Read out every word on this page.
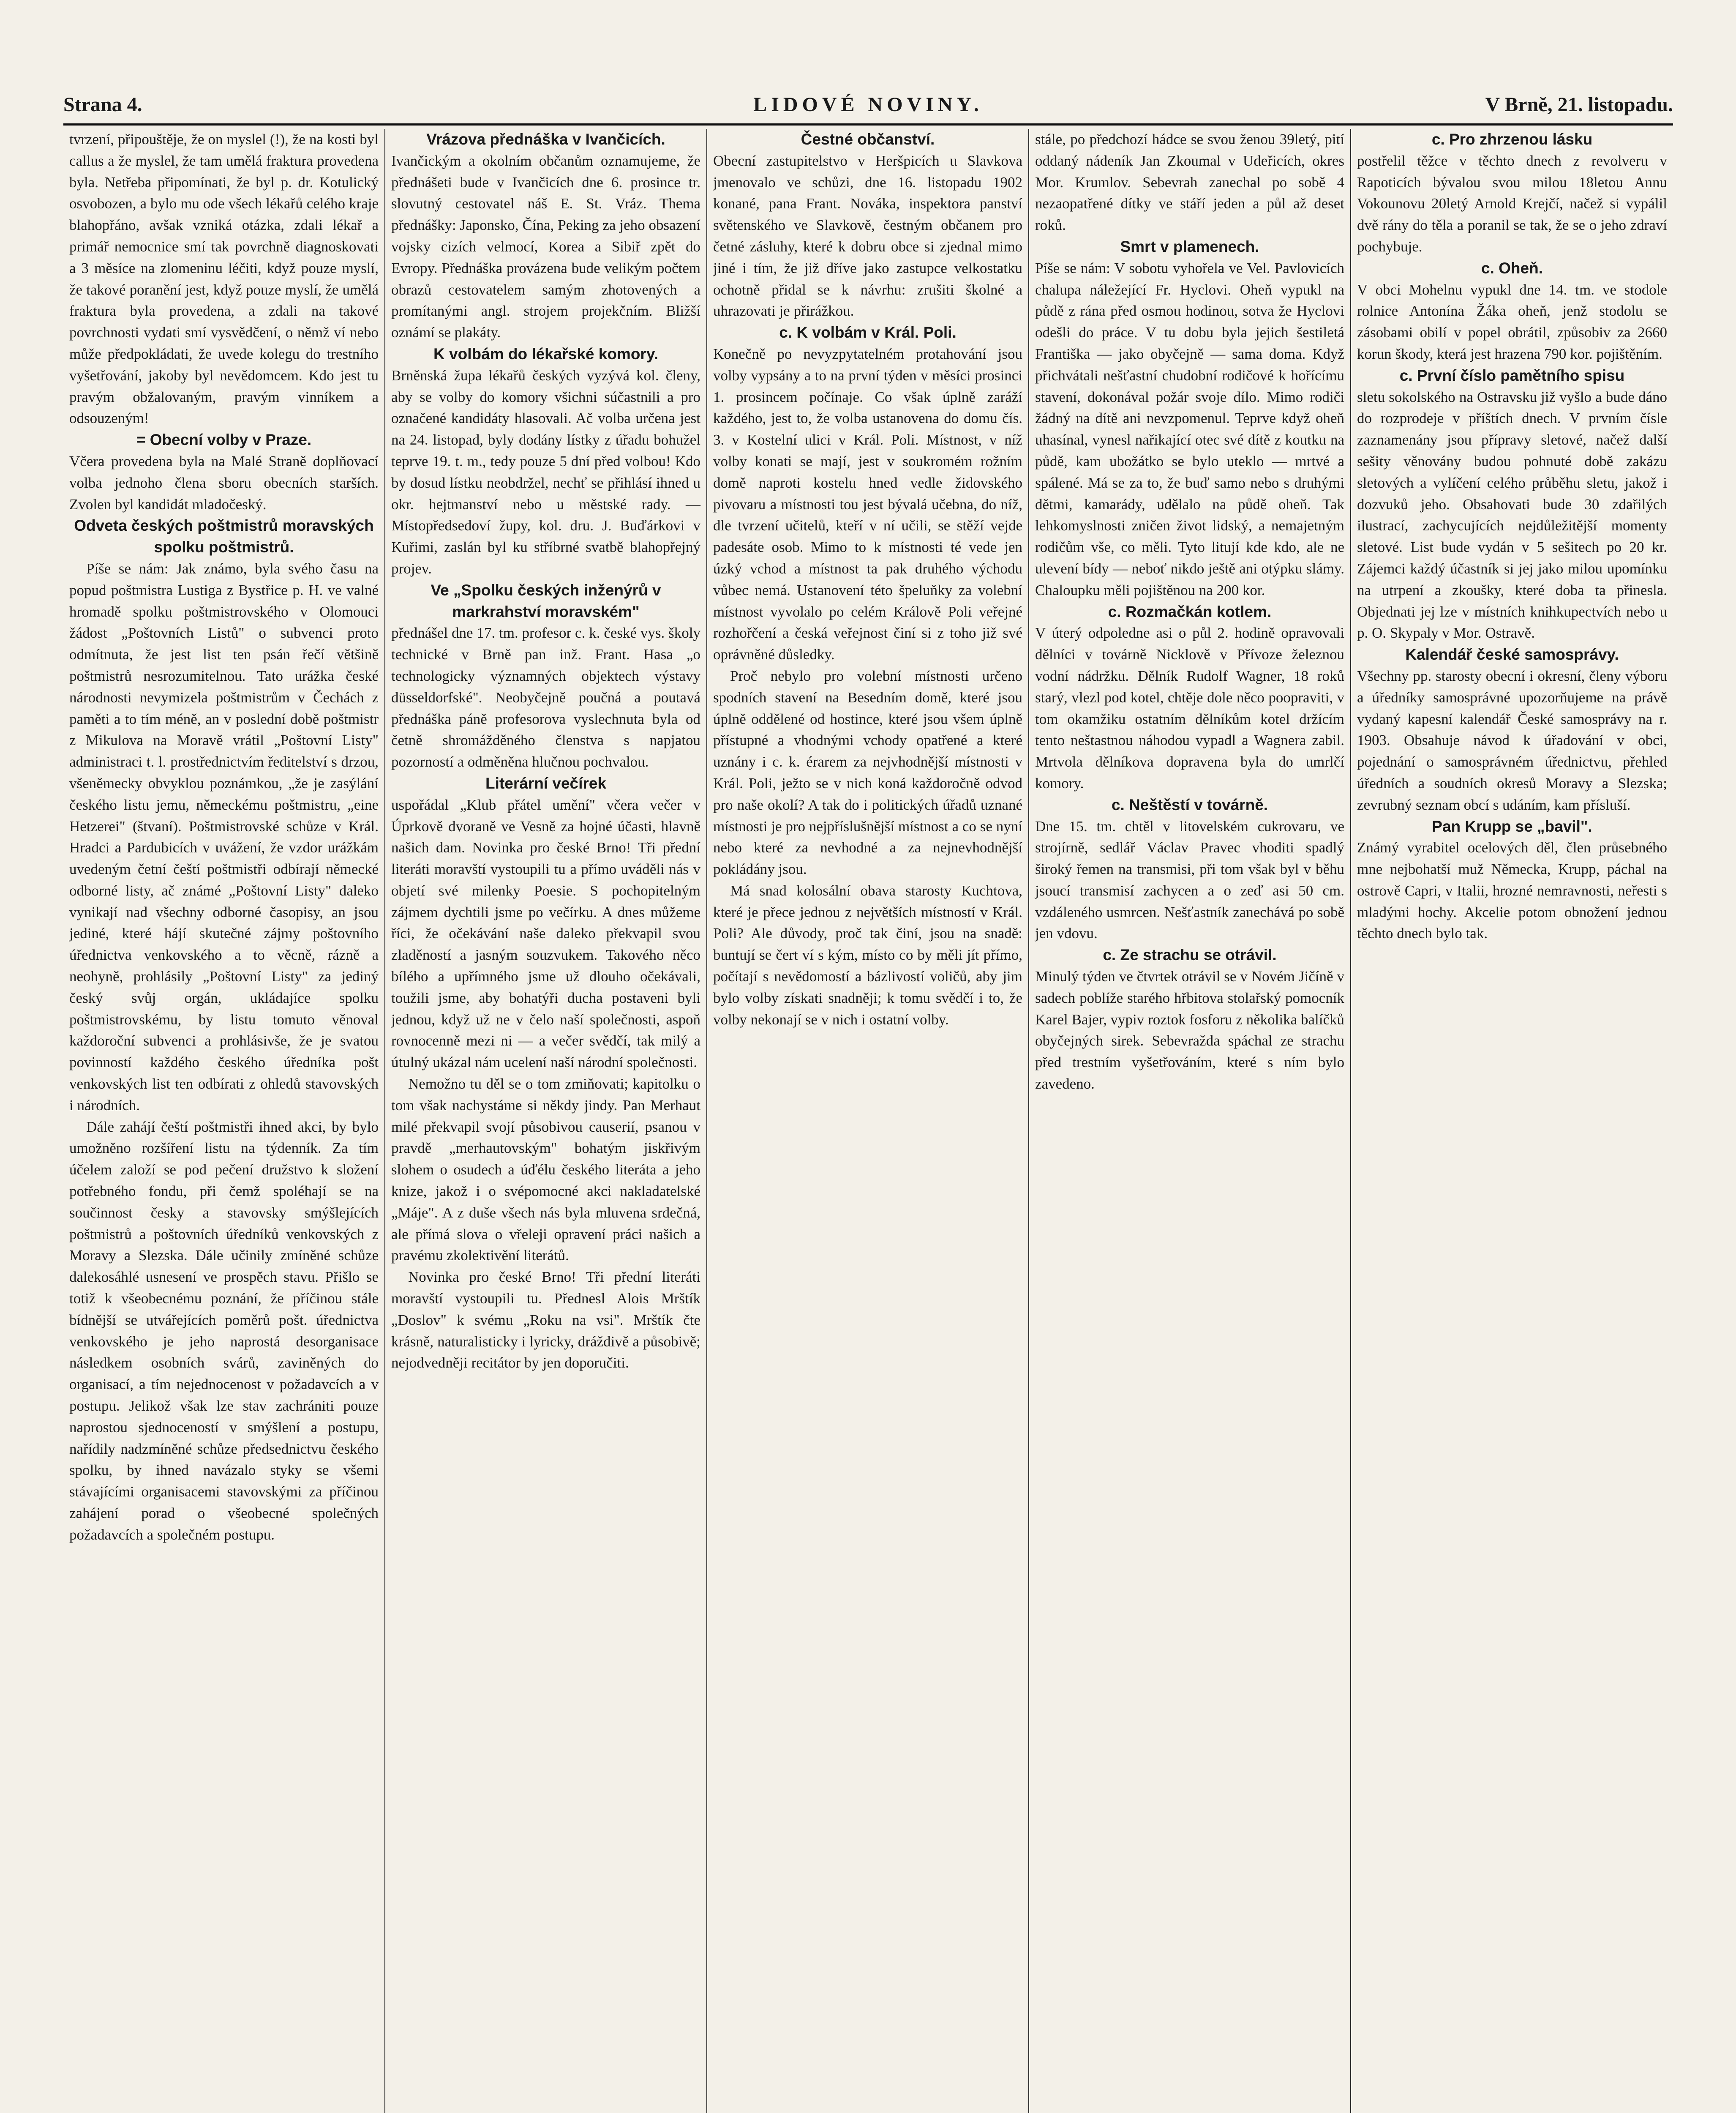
Strana 4.	LIDOVÉ NOVINY.	V Brně, 21. listopadu.

tvrzení, připouštěje, že on myslel (!), že na kosti byl callus a že myslel, že tam umělá fraktura provedena byla. Netřeba připomínati, že byl p. dr. Kotulický osvobozen, a bylo mu ode všech lékařů celého kraje blahopřáno, avšak vzniká otázka, zdali lékař a primář nemocnice smí tak povrchně diagnoskovati a 3 měsíce na zlomeninu léčiti, když pouze myslí, že takové poranění jest, když pouze myslí, že umělá fraktura byla provedena, a zdali na takové povrchnosti vydati smí vysvědčení, o němž ví nebo může předpokládati, že uvede kolegu do trestního vyšetřování, jakoby byl nevědomcem. Kdo jest tu pravým obžalovaným, pravým vinníkem a odsouzeným!

= Obecní volby v Praze.

Včera provedena byla na Malé Straně doplňovací volba jednoho člena sboru obecních starších. Zvolen byl kandidát mladočeský.

Odveta českých poštmistrů moravských spolku poštmistrů.

Píše se nám: Jak známo, byla svého času na popud poštmistra Lustiga z Bystřice p. H. ve valné hromadě spolku poštmistrovského v Olomouci žádost „Poštovních Listů" o subvenci proto odmítnuta, že jest list ten psán řečí většině poštmistrů nesrozumitelnou. Tato urážka české národnosti nevymizela poštmistrům v Čechách z paměti a to tím méně, an v poslední době poštmistr z Mikulova na Moravě vrátil „Poštovní Listy" administraci t. l. prostřednictvím ředitelství s drzou, všeněmecky obvyklou poznámkou, „že je zasýlání českého listu jemu, německému poštmistru, „eine Hetzerei" (štvaní). Poštmistrovské schůze v Král. Hradci a Pardubicích v uvážení, že vzdor urážkám uvedeným četní čeští poštmistři odbírají německé odborné listy, ač známé „Poštovní Listy" daleko vynikají nad všechny odborné časopisy, an jsou jediné, které hájí skutečné zájmy poštovního úřednictva venkovského a to věcně, rázně a neohyně, prohlásily „Poštovní Listy" za jediný český svůj orgán, ukládajíce spolku poštmistrovskému, by listu tomuto věnoval každoroční subvenci a prohlásivše, že je svatou povinností každého českého úředníka pošt venkovských list ten odbírati z ohledů stavovských i národních.

Dále zahájí čeští poštmistři ihned akci, by bylo umožněno rozšíření listu na týdenník. Za tím účelem založí se pod pečení družstvo k složení potřebného fondu, při čemž spoléhají se na součinnost česky a stavovsky smýšlejících poštmistrů a poštovních úředníků venkovských z Moravy a Slezska. Dále učinily zmíněné schůze dalekosáhlé usnesení ve prospěch stavu. Přišlo se totiž k všeobecnému poznání, že příčinou stále bídnější se utvářejících poměrů pošt. úřednictva venkovského je jeho naprostá desorganisace následkem osobních svárů, zaviněných do organisací, a tím nejednocenost v požadavcích a v postupu. Jelikož však lze stav zachrániti pouze naprostou sjednoceností v smýšlení a postupu, nařídily nadzmíněné schůze předsednictvu českého spolku, by ihned navázalo styky se všemi stávajícími organisacemi stavovskými za příčinou zahájení porad o všeobecné společných požadavcích a společném postupu.

Vrázova přednáška v Ivančicích.

Ivančickým a okolním občanům oznamujeme, že přednášeti bude v Ivančicích dne 6. prosince tr. slovutný cestovatel náš E. St. Vráz. Thema přednášky: Japonsko, Čína, Peking za jeho obsazení vojsky cizích velmocí, Korea a Sibiř zpět do Evropy. Přednáška provázena bude velikým počtem obrazů cestovatelem samým zhotovených a promítanými angl. strojem projekčním. Bližší oznámí se plakáty.

K volbám do lékařské komory.

Brněnská župa lékařů českých vyzývá kol. členy, aby se volby do komory všichni súčastnili a pro označené kandidáty hlasovali. Ač volba určena jest na 24. listopad, byly dodány lístky z úřadu bohužel teprve 19. t. m., tedy pouze 5 dní před volbou! Kdo by dosud lístku neobdržel, nechť se přihlásí ihned u okr. hejtmanství nebo u městské rady. — Místopředsedoví župy, kol. dru. J. Buďárkovi v Kuřimi, zaslán byl ku stříbrné svatbě blahopřejný projev.

Ve „Spolku českých inženýrů v markrahství moravském"

přednášel dne 17. tm. profesor c. k. české vys. školy technické v Brně pan inž. Frant. Hasa „o technologicky významných objektech výstavy düsseldorfské". Neobyčejně poučná a poutavá přednáška páně profesorova vyslechnuta byla od četně shromážděného členstva s napjatou pozorností a odměněna hlučnou pochvalou.

Literární večírek

uspořádal „Klub přátel umění" včera večer v Úprkově dvoraně ve Vesně za hojné účasti, hlavně našich dam. Novinka pro české Brno! Tři přední literáti moravští vystoupili tu a přímo uváděli nás v objetí své milenky Poesie. S pochopitelným zájmem dychtili jsme po večírku. A dnes můžeme říci, že očekávání naše daleko překvapil svou zladěností a jasným souzvukem. Takového něco bílého a upřímného jsme už dlouho očekávali, toužili jsme, aby bohatýři ducha postaveni byli jednou, když už ne v čelo naší společnosti, aspoň rovnocenně mezi ni — a večer svědčí, tak milý a útulný ukázal nám ucelení naší národní společnosti.

Nemožno tu děl se o tom zmiňovati; kapitolku o tom však nachystáme si někdy jindy. Pan Merhaut milé překvapil svojí působivou causerií, psanou v pravdě „merhautovským" bohatým jiskřivým slohem o osudech a úďélu českého literáta a jeho knize, jakož i o svépomocné akci nakladatelské „Máje". A z duše všech nás byla mluvena srdečná, ale přímá slova o vřeleji opravení práci našich a pravému zkolektivění literátů.

Novinka pro české Brno! Tři přední literáti moravští vystoupili tu. Přednesl Alois Mrštík „Doslov" k svému „Roku na vsi". Mrštík čte krásně, naturalisticky i lyricky, dráždivě a působivě; nejodvedněji recitátor by jen doporučiti.

Čestné občanství.

Obecní zastupitelstvo v Heršpicích u Slavkova jmenovalo ve schůzi, dne 16. listopadu 1902 konané, pana Frant. Nováka, inspektora panství světenského ve Slavkově, čestným občanem pro četné zásluhy, které k dobru obce si zjednal mimo jiné i tím, že již dříve jako zastupce velkostatku ochotně přidal se k návrhu: zrušiti školné a uhrazovati je přirážkou.

c. K volbám v Král. Poli.

Konečně po nevyzpytatelném protahování jsou volby vypsány a to na první týden v měsíci prosinci 1. prosincem počínaje. Co však úplně zaráží každého, jest to, že volba ustanovena do domu čís. 3. v Kostelní ulici v Král. Poli. Místnost, v níž volby konati se mají, jest v soukromém rožním domě naproti kostelu hned vedle židovského pivovaru a místnosti tou jest bývalá učebna, do níž, dle tvrzení učitelů, kteří v ní učili, se stěží vejde padesáte osob. Mimo to k místnosti té vede jen úzký vchod a místnost ta pak druhého východu vůbec nemá. Ustanovení této špeluňky za volební místnost vyvolalo po celém Králově Poli veřejné rozhořčení a česká veřejnost činí si z toho již své oprávněné důsledky.

Proč nebylo pro volební místnosti určeno spodních stavení na Besedním domě, které jsou úplně oddělené od hostince, které jsou všem úplně přístupné a vhodnými vchody opatřené a které uznány i c. k. érarem za nejvhodnější místnosti v Král. Poli, ježto se v nich koná každoročně odvod pro naše okolí? A tak do i politických úřadů uznané místnosti je pro nejpříslušnější místnost a co se nyní nebo které za nevhodné a za nejnevhodnější pokládány jsou.

Má snad kolosální obava starosty Kuchtova, které je přece jednou z největších místností v Král. Poli? Ale důvody, proč tak činí, jsou na snadě: buntují se čert ví s kým, místo co by měli jít přímo, počítají s nevědomostí a bázlivostí voličů, aby jim bylo volby získati snadněji; k tomu svědčí i to, že volby nekonají se v nich i ostatní volby.

stále, po předchozí hádce se svou ženou 39letý, pití oddaný nádeník Jan Zkoumal v Udeřicích, okres Mor. Krumlov. Sebevrah zanechal po sobě 4 nezaopatřené dítky ve stáří jeden a půl až deset roků.

Smrt v plamenech.

Píše se nám: V sobotu vyhořela ve Vel. Pavlovicích chalupa náležející Fr. Hyclovi. Oheň vypukl na půdě z rána před osmou hodinou, sotva že Hyclovi odešli do práce. V tu dobu byla jejich šestiletá Františka — jako obyčejně — sama doma. Když přichvátali nešťastní chudobní rodičové k hořícímu stavení, dokonával požár svoje dílo. Mimo rodiči žádný na dítě ani nevzpomenul. Teprve když oheň uhasínal, vynesl nařikající otec své dítě z koutku na půdě, kam ubožátko se bylo uteklo — mrtvé a spálené. Má se za to, že buď samo nebo s druhými dětmi, kamarády, udělalo na půdě oheň. Tak lehkomyslnosti zničen život lidský, a nemajetným rodičům vše, co měli. Tyto litují kde kdo, ale ne ulevení bídy — neboť nikdo ještě ani otýpku slámy. Chaloupku měli pojištěnou na 200 kor.

c. Rozmačkán kotlem.

V úterý odpoledne asi o půl 2. hodině opravovali dělníci v továrně Nicklově v Přívoze železnou vodní nádržku. Dělník Rudolf Wagner, 18 roků starý, vlezl pod kotel, chtěje dole něco poopraviti, v tom okamžiku ostatním dělníkům kotel držícím tento neštastnou náhodou vypadl a Wagnera zabil. Mrtvola dělníkova dopravena byla do umrlčí komory.

c. Neštěstí v továrně.

Dne 15. tm. chtěl v litovelském cukrovaru, ve strojírně, sedlář Václav Pravec vhoditi spadlý široký řemen na transmisi, při tom však byl v běhu jsoucí transmisí zachycen a o zeď asi 50 cm. vzdáleného usmrcen. Nešťastník zanechává po sobě jen vdovu.

c. Ze strachu se otrávil.

Minulý týden ve čtvrtek otrávil se v Novém Jičíně v sadech poblíže starého hřbitova stolařský pomocník Karel Bajer, vypiv roztok fosforu z několika balíčků obyčejných sirek. Sebevražda spáchal ze strachu před trestním vyšetřováním, které s ním bylo zavedeno.

c. Pro zhrzenou lásku

postřelil těžce v těchto dnech z revolveru v Rapoticích bývalou svou milou 18letou Annu Vokounovu 20letý Arnold Krejčí, načež si vypálil dvě rány do těla a poranil se tak, že se o jeho zdraví pochybuje.

c. Oheň.

V obci Mohelnu vypukl dne 14. tm. ve stodole rolnice Antonína Žáka oheň, jenž stodolu se zásobami obilí v popel obrátil, způsobiv za 2660 korun škody, která jest hrazena 790 kor. pojištěním.

c. První číslo pamětního spisu

sletu sokolského na Ostravsku již vyšlo a bude dáno do rozprodeje v příštích dnech. V prvním čísle zaznamenány jsou přípravy sletové, načež další sešity věnovány budou pohnuté době zakázu sletových a vylíčení celého průběhu sletu, jakož i dozvuků jeho. Obsahovati bude 30 zdařilých ilustrací, zachycujících nejdůležitější momenty sletové. List bude vydán v 5 sešitech po 20 kr. Zájemci každý účastník si jej jako milou upomínku na utrpení a zkoušky, které doba ta přinesla. Objednati jej lze v místních knihkupectvích nebo u p. O. Skypaly v Mor. Ostravě.

Kalendář české samosprávy.

Všechny pp. starosty obecní i okresní, členy výboru a úředníky samosprávné upozorňujeme na právě vydaný kapesní kalendář České samosprávy na r. 1903. Obsahuje návod k úřadování v obci, pojednání o samosprávném úřednictvu, přehled úředních a soudních okresů Moravy a Slezska; zevrubný seznam obcí s udáním, kam přísluší.

Pan Krupp se „bavil".

Známý vyrabitel ocelových děl, člen průsebného mne nejbohatší muž Německa, Krupp, páchal na ostrově Capri, v Italii, hrozné nemravnosti, neřesti s mladými hochy. Akcelie potom obnožení jednou těchto dnech bylo tak.
